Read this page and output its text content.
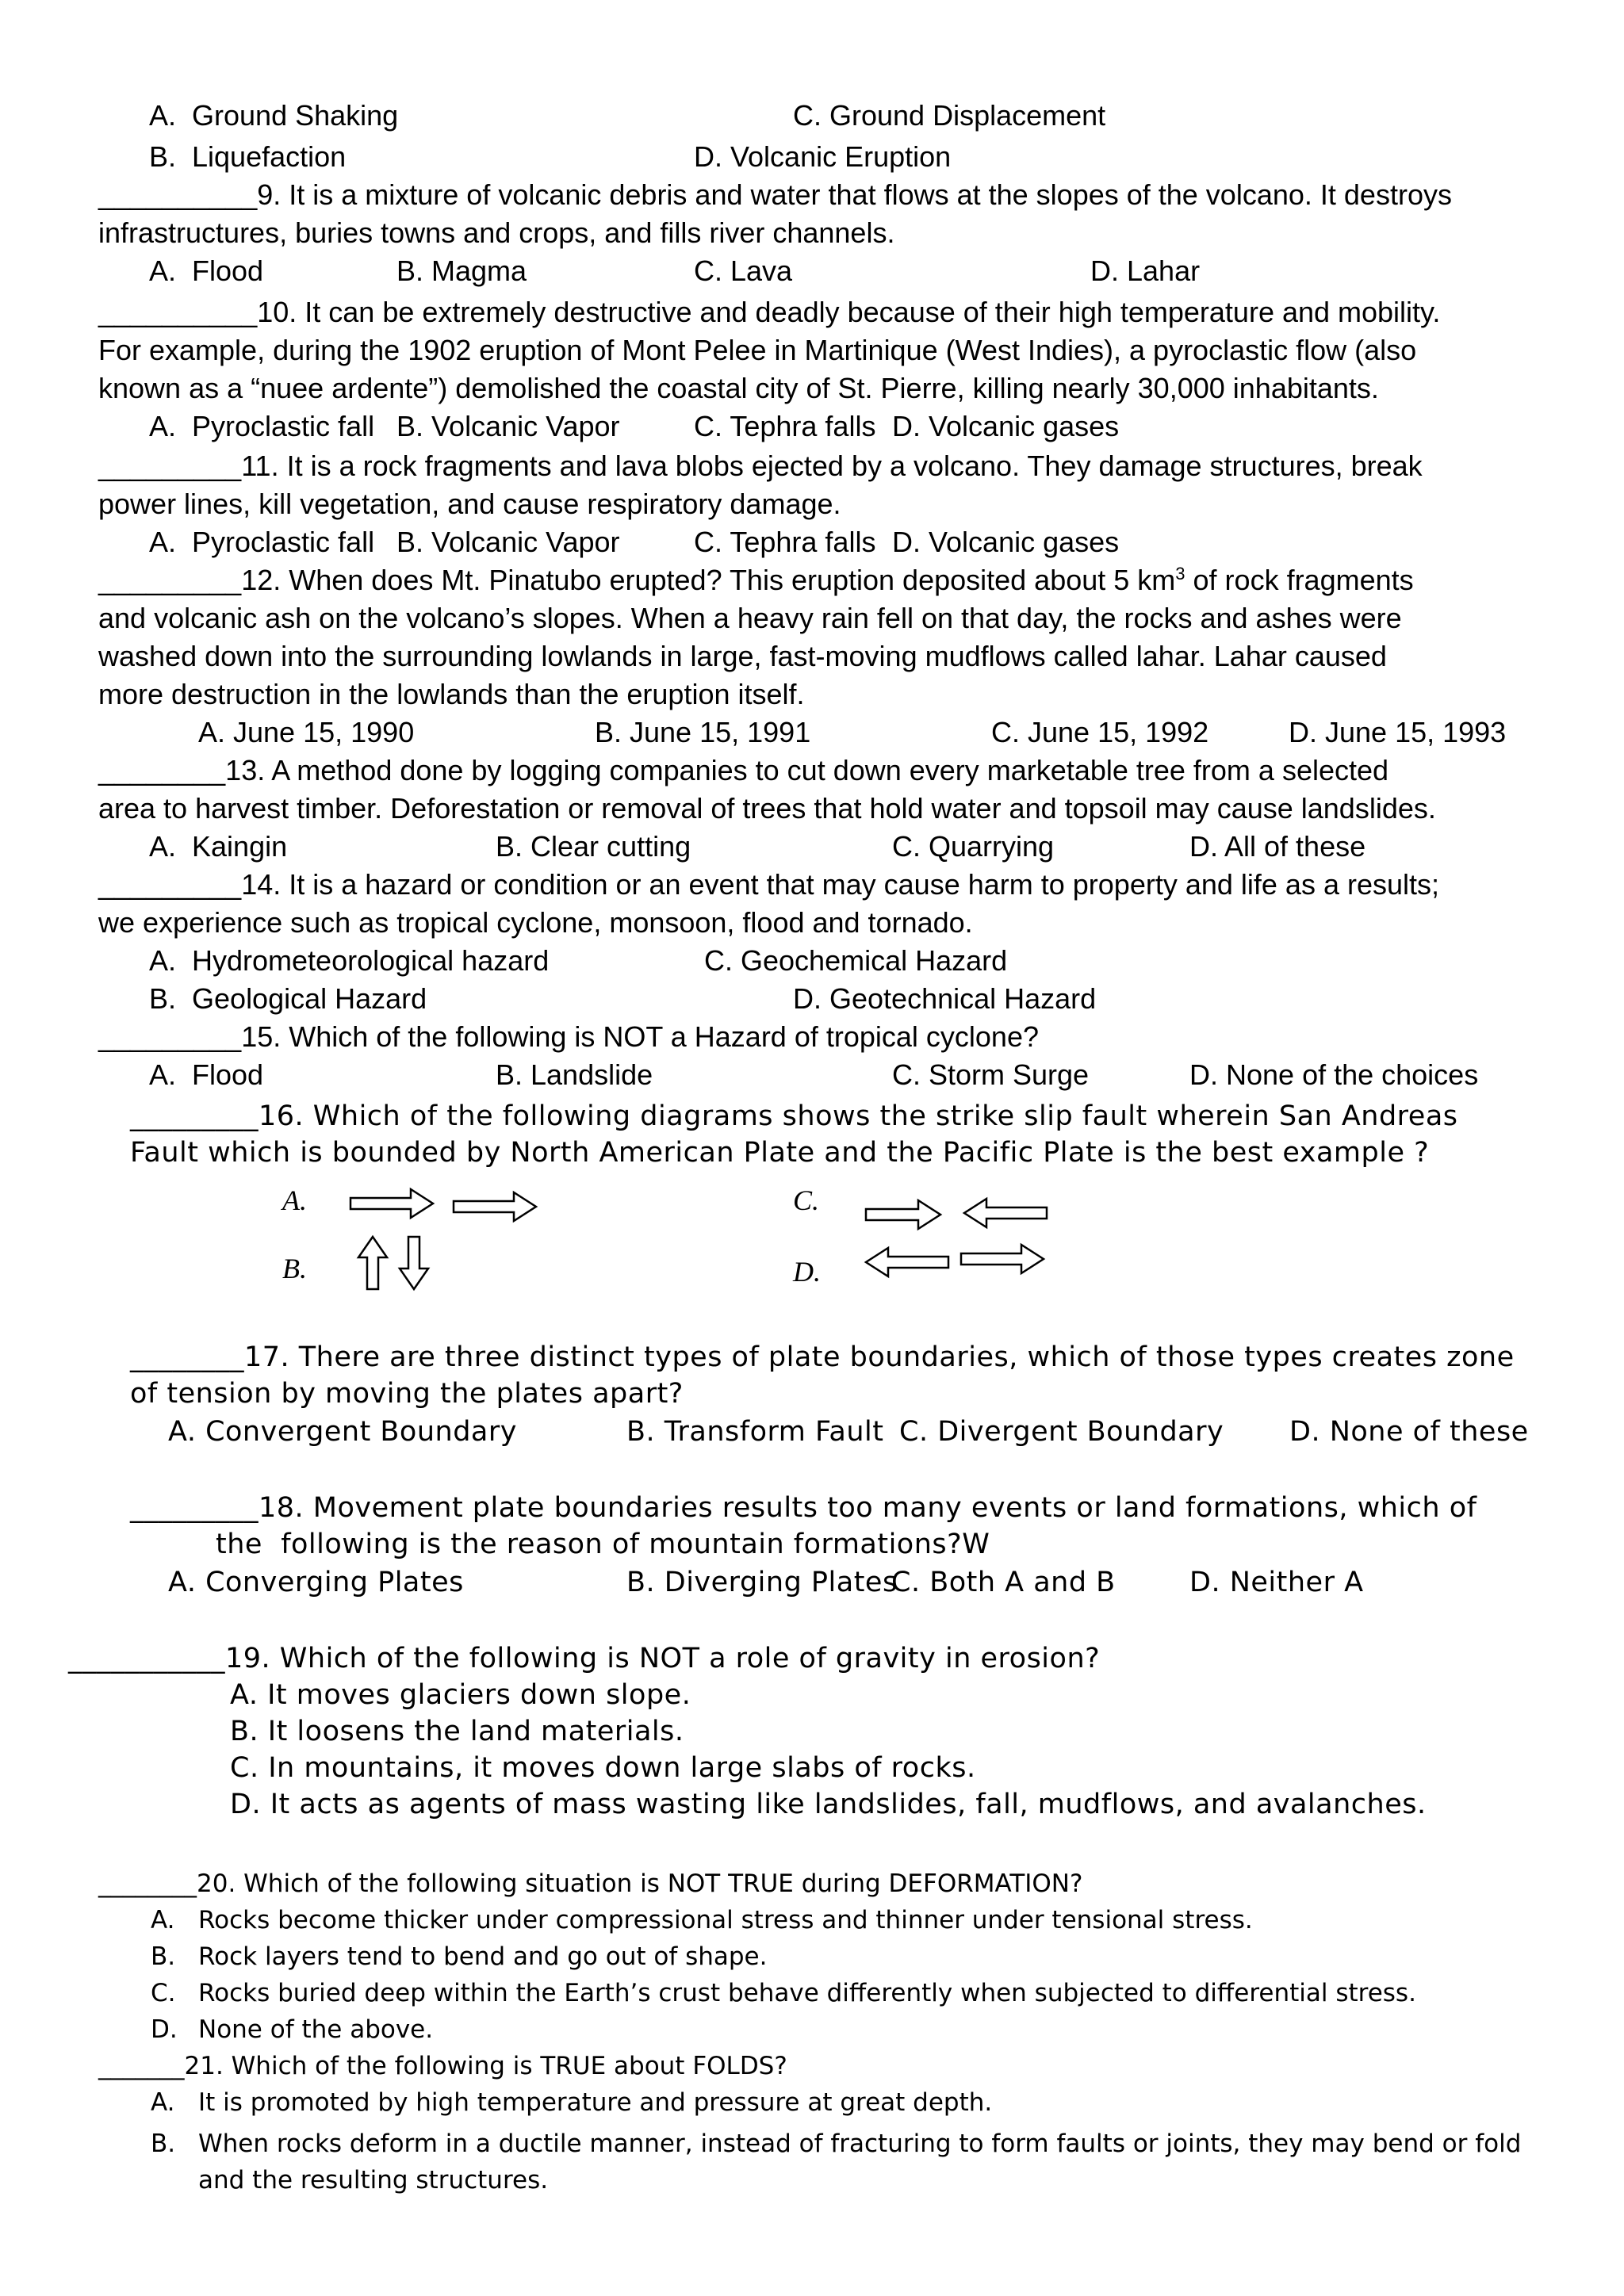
A.  Ground Shaking	C. Ground Displacement
B.  Liquefaction	D. Volcanic Eruption
__________9. It is a mixture of volcanic debris and water that flows at the slopes of the volcano. It destroys
infrastructures, buries towns and crops, and fills river channels.
A.  Flood	B. Magma	C. Lava	D. Lahar
__________10. It can be extremely destructive and deadly because of their high temperature and mobility.
For example, during the 1902 eruption of Mont Pelee in Martinique (West Indies), a pyroclastic flow (also
known as a “nuee ardente”) demolished the coastal city of St. Pierre, killing nearly 30,000 inhabitants.
A.  Pyroclastic fall B. Volcanic Vapor	C. Tephra falls D. Volcanic gases
_________11. It is a rock fragments and lava blobs ejected by a volcano. They damage structures, break
power lines, kill vegetation, and cause respiratory damage.
A.  Pyroclastic fall B. Volcanic Vapor	C. Tephra falls D. Volcanic gases
_________12. When does Mt. Pinatubo erupted? This eruption deposited about 5 $km^3$ of rock fragments
and volcanic ash on the volcano’s slopes. When a heavy rain fell on that day, the rocks and ashes were
washed down into the surrounding lowlands in large, fast-moving mudflows called lahar. Lahar caused
more destruction in the lowlands than the eruption itself.
A. June 15, 1990	B. June 15, 1991	C. June 15, 1992	D. June 15, 1993
________13. A method done by logging companies to cut down every marketable tree from a selected
area to harvest timber. Deforestation or removal of trees that hold water and topsoil may cause landslides.
A.  Kaingin	B. Clear cutting	C. Quarrying	D. All of these
_________14. It is a hazard or condition or an event that may cause harm to property and life as a results;
we experience such as tropical cyclone, monsoon, flood and tornado.
A.  Hydrometeorological hazard	C. Geochemical Hazard
B.  Geological Hazard	D. Geotechnical Hazard
_________15. Which of the following is NOT a Hazard of tropical cyclone?
A.  Flood	B. Landslide	C. Storm Surge	D. None of the choices
_________16. Which of the following diagrams shows the strike slip fault wherein San Andreas
Fault which is bounded by North American Plate and the Pacific Plate is the best example ?
A.	C.
B.	D.
________17. There are three distinct types of plate boundaries, which of those types creates zone
of tension by moving the plates apart?
A. Convergent Boundary	B. Transform Fault C. Divergent Boundary D. None of these
_________18. Movement plate boundaries results too many events or land formations, which of
the  following is the reason of mountain formations?W
A. Converging Plates	B. Diverging Plates
C. Both A and B	D. Neither A
___________19. Which of the following is NOT a role of gravity in erosion?
A. It moves glaciers down slope.
B. It loosens the land materials.
C. In mountains, it moves down large slabs of rocks.
D. It acts as agents of mass wasting like landslides, fall, mudflows, and avalanches.
________20. Which of the following situation is NOT TRUE during DEFORMATION?
A. Rocks become thicker under compressional stress and thinner under tensional stress.
B. Rock layers tend to bend and go out of shape.
C. Rocks buried deep within the Earth’s crust behave differently when subjected to differential stress.
D. None of the above.
_______21. Which of the following is TRUE about FOLDS?
A. It is promoted by high temperature and pressure at great depth.
B. When rocks deform in a ductile manner, instead of fracturing to form faults or joints, they may bend or fold
and the resulting structures.
